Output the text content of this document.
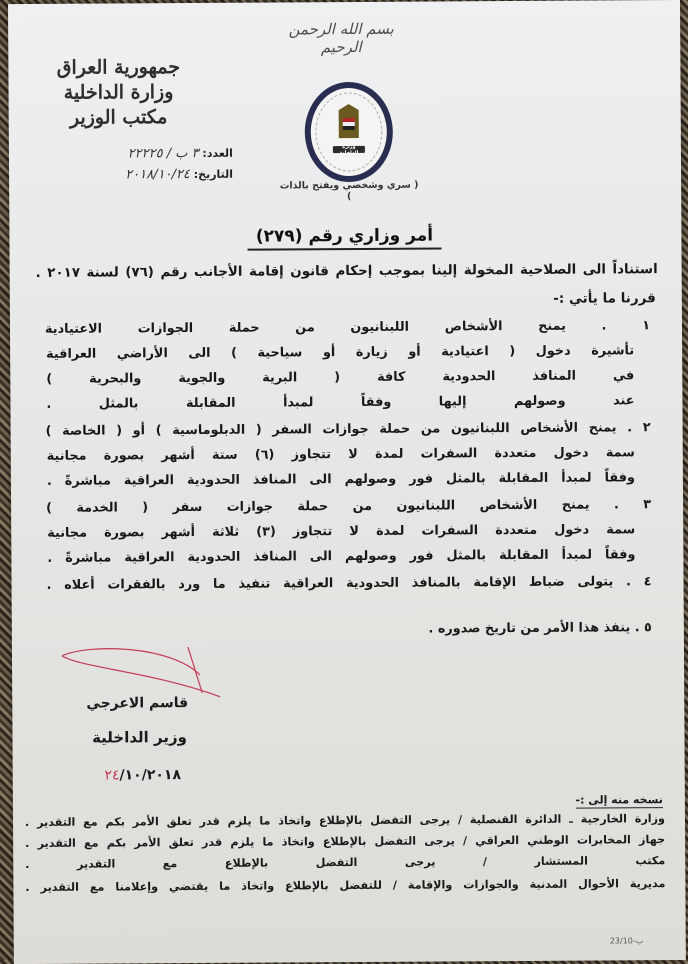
بسم الله الرحمن الرحيم
جمهورية العراق
وزارة الداخلية
مكتب الوزير
العدد: ٣ ب / ٢٢٢٢٥
التاريخ: ٢٠١٨/١٠/٢٤
وزارة الداخلية
( سري وشخصي ويفتح بالذات )
أمر وزاري رقم (٢٧٩)
استناداً الى الصلاحية المخولة إلينا بموجب إحكام قانون إقامة الأجانب رقم (٧٦) لسنة ٢٠١٧ .
قررنا ما يأتي :-
١ . يمنح الأشخاص اللبنانيون من حملة الجوازات الاعتيادية
تأشيرة دخول ( اعتيادية أو زيارة أو سياحية ) الى الأراضي العراقية
في المنافذ الحدودية كافة ( البرية والجوية والبحرية )
عند وصولهم إليها وفقاً لمبدأ المقابلة بالمثل .
٢ . يمنح الأشخاص اللبنانيون من حملة جوازات السفر ( الدبلوماسية ) أو ( الخاصة )
سمة دخول متعددة السفرات لمدة لا تتجاوز (٦) ستة أشهر بصورة مجانية
وفقاً لمبدأ المقابلة بالمثل فور وصولهم الى المنافذ الحدودية العراقية مباشرةً .
٣ . يمنح الأشخاص اللبنانيون من حملة جوازات سفر ( الخدمة )
سمة دخول متعددة السفرات لمدة لا تتجاوز (٣) ثلاثة أشهر بصورة مجانية
وفقاً لمبدأ المقابلة بالمثل فور وصولهم الى المنافذ الحدودية العراقية مباشرةً .
٤ . يتولى ضباط الإقامة بالمنافذ الحدودية العراقية تنفيذ ما ورد بالفقرات أعلاه .
٥ . ينفذ هذا الأمر من تاريخ صدوره .
قاسم الاعرجي
وزير الداخلية
٢٤/١٠/٢٠١٨
نسخه منه إلى :-
وزارة الخارجية ـ الدائرة القنصلية / يرجى التفضل بالإطلاع واتخاذ ما يلزم قدر تعلق الأمر بكم مع التقدير .
جهاز المخابرات الوطني العراقي / يرجى التفضل بالإطلاع واتخاذ ما يلزم قدر تعلق الأمر بكم مع التقدير .
مكتب المستشار / يرجى التفضل بالإطلاع مع التقدير .
مديرية الأحوال المدنية والجوازات والإقامة / للتفضل بالإطلاع واتخاذ ما يقتضي وإعلامنا مع التقدير .
23/10-ب
